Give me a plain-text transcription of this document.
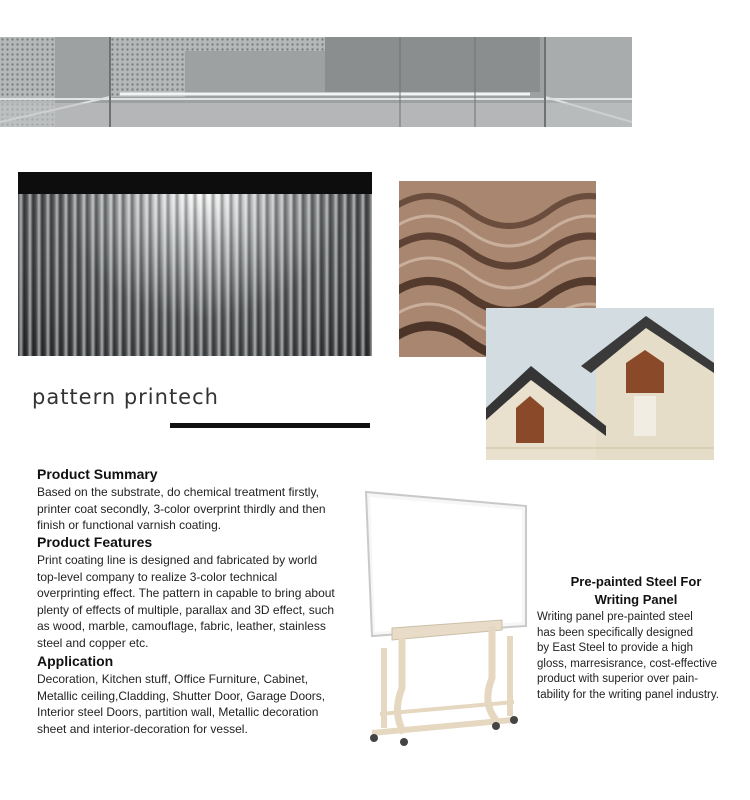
pattern printech
Product Summary
Based on the substrate, do chemical treatment firstly,
printer coat secondly, 3-color overprint thirdly and then
finish or functional varnish coating.
Product Features
Print coating line is designed and fabricated by world
top-level company to realize 3-color technical
overprinting effect. The pattern in capable to bring about
plenty of effects of multiple, parallax and 3D effect, such
as wood, marble, camouflage, fabric, leather, stainless
steel and copper etc.
Application
Decoration, Kitchen stuff, Office Furniture, Cabinet,
Metallic ceiling,Cladding, Shutter Door, Garage Doors,
Interior steel Doors, partition wall, Metallic decoration
sheet and interior-decoration for vessel.
Pre-painted Steel For
Writing Panel
Writing panel pre-painted steel
has been specifically designed
by East Steel to provide a high
gloss, marresisrance, cost-effective
product with superior over pain-
tability for the writing panel industry.
